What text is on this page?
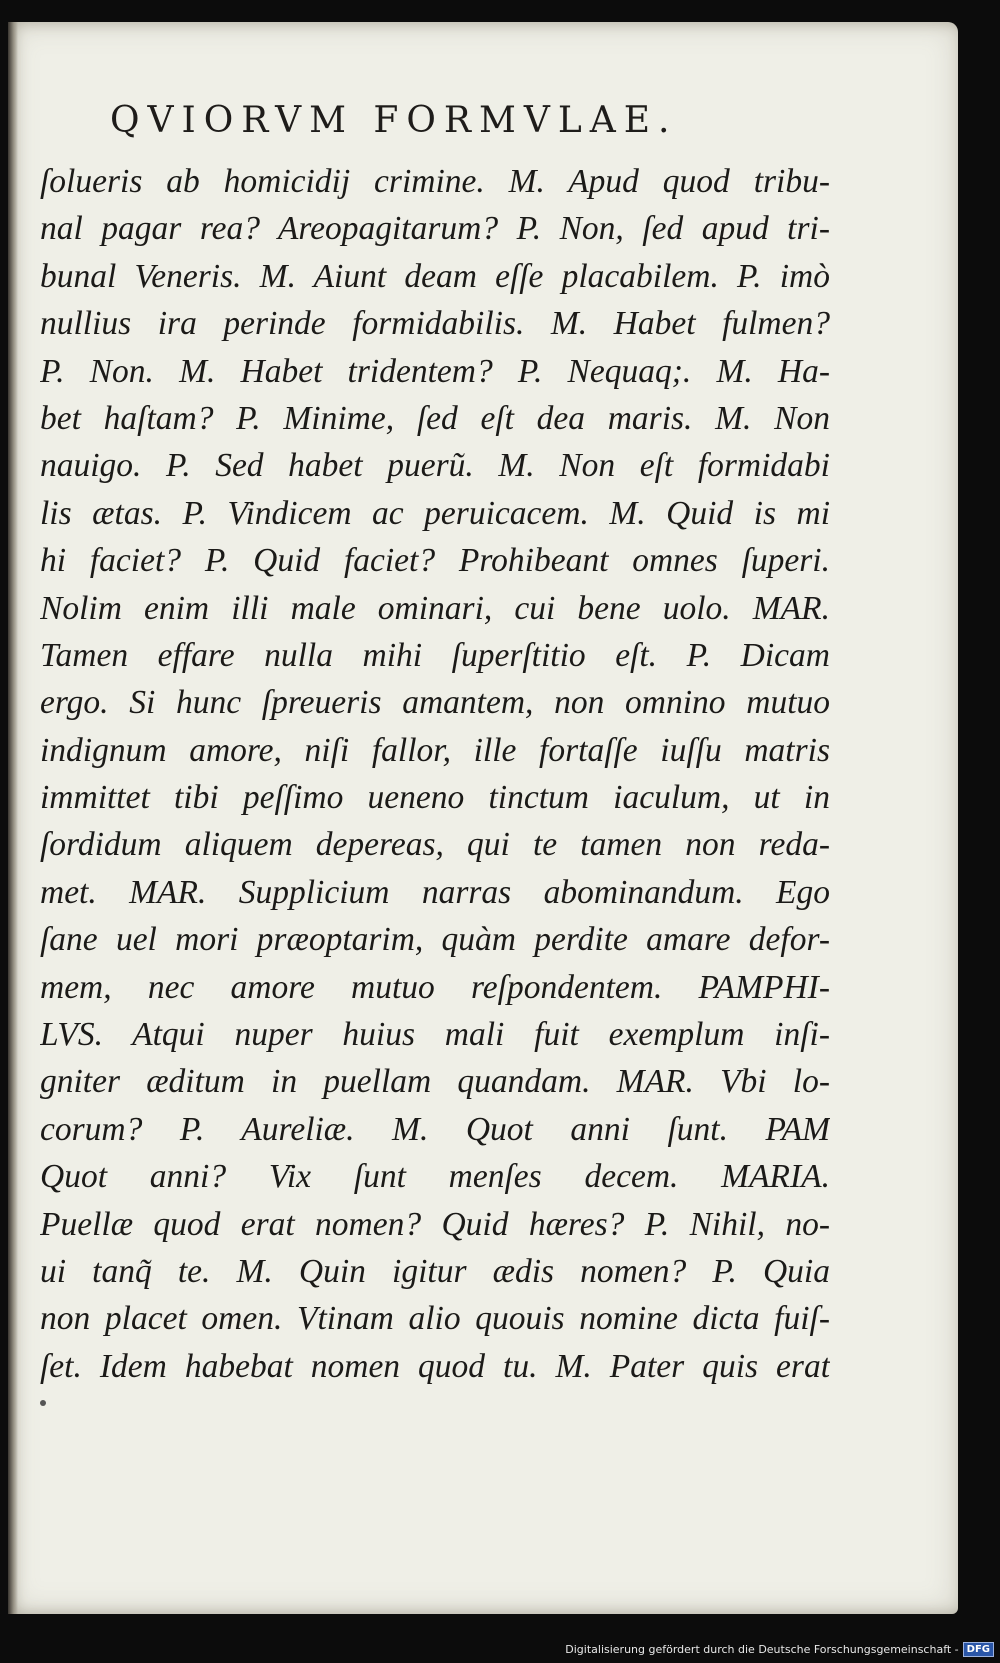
QVIORVM FORMVLAE.
ſolueris ab homicidij crimine. M. Apud quod tribu-
nal pagar rea? Areopagitarum? P. Non, ſed apud tri-
bunal Veneris. M. Aiunt deam eſſe placabilem. P. imò
nullius ira perinde formidabilis. M. Habet fulmen?
P. Non. M. Habet tridentem? P. Nequaq;. M. Ha-
bet haſtam? P. Minime, ſed eſt dea maris. M. Non
nauigo. P. Sed habet puerũ. M. Non eſt formidabi
lis ætas. P. Vindicem ac peruicacem. M. Quid is mi
hi faciet? P. Quid faciet? Prohibeant omnes ſuperi.
Nolim enim illi male ominari, cui bene uolo. MAR.
Tamen effare nulla mihi ſuperſtitio eſt. P. Dicam
ergo. Si hunc ſpreueris amantem, non omnino mutuo
indignum amore, niſi fallor, ille fortaſſe iuſſu matris
immittet tibi peſſimo ueneno tinctum iaculum, ut in
ſordidum aliquem depereas, qui te tamen non reda-
met. MAR. Supplicium narras abominandum. Ego
ſane uel mori præoptarim, quàm perdite amare defor-
mem, nec amore mutuo reſpondentem. PAMPHI-
LVS. Atqui nuper huius mali fuit exemplum inſi-
gniter æditum in puellam quandam. MAR. Vbi lo-
corum? P. Aureliæ. M. Quot anni ſunt. PAM
Quot anni? Vix ſunt menſes decem. MARIA.
Puellæ quod erat nomen? Quid hæres? P. Nihil, no-
ui tanq̃ te. M. Quin igitur ædis nomen? P. Quia
non placet omen. Vtinam alio quouis nomine dicta fuiſ-
ſet. Idem habebat nomen quod tu. M. Pater quis erat
Digitalisierung gefördert durch die Deutsche Forschungsgemeinschaft - DFG
